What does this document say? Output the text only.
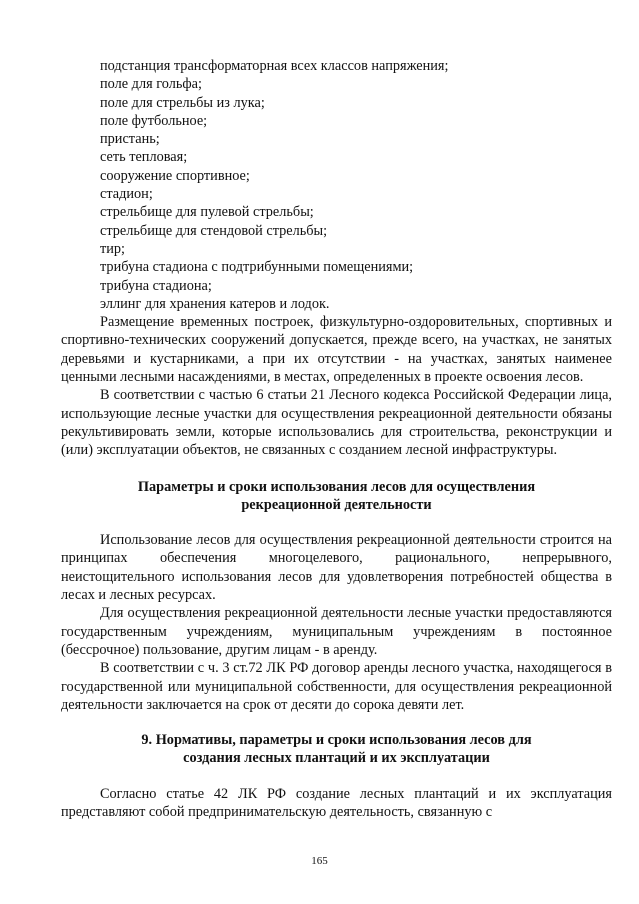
подстанция трансформаторная всех классов напряжения;
поле для гольфа;
поле для стрельбы из лука;
поле футбольное;
пристань;
сеть тепловая;
сооружение спортивное;
стадион;
стрельбище для пулевой стрельбы;
стрельбище для стендовой стрельбы;
тир;
трибуна стадиона с подтрибунными помещениями;
трибуна стадиона;
эллинг для хранения катеров и лодок.

Размещение временных построек, физкультурно-оздоровительных, спортивных и спортивно-технических сооружений допускается, прежде всего, на участках, не занятых деревьями и кустарниками, а при их отсутствии - на участках, занятых наименее ценными лесными насаждениями, в местах, определенных в проекте освоения лесов.

В соответствии с частью 6 статьи 21 Лесного кодекса Российской Федерации лица, использующие лесные участки для осуществления рекреационной деятельности обязаны рекультивировать земли, которые использовались для строительства, реконструкции и (или) эксплуатации объектов, не связанных с созданием лесной инфраструктуры.

Параметры и сроки использования лесов для осуществления
рекреационной деятельности

Использование лесов для осуществления рекреационной деятельности строится на принципах обеспечения многоцелевого, рационального, непрерывного, неистощительного использования лесов для удовлетворения потребностей общества в лесах и лесных ресурсах.

Для осуществления рекреационной деятельности лесные участки предоставляются государственным учреждениям, муниципальным учреждениям в постоянное (бессрочное) пользование, другим лицам - в аренду.

В соответствии с ч. 3 ст.72 ЛК РФ договор аренды лесного участка, находящегося в государственной или муниципальной собственности, для осуществления рекреационной деятельности заключается на срок от десяти до сорока девяти лет.

9. Нормативы, параметры и сроки использования лесов для
создания лесных плантаций и их эксплуатации

Согласно статье 42 ЛК РФ создание лесных плантаций и их эксплуатация представляют собой предпринимательскую деятельность, связанную с

165
